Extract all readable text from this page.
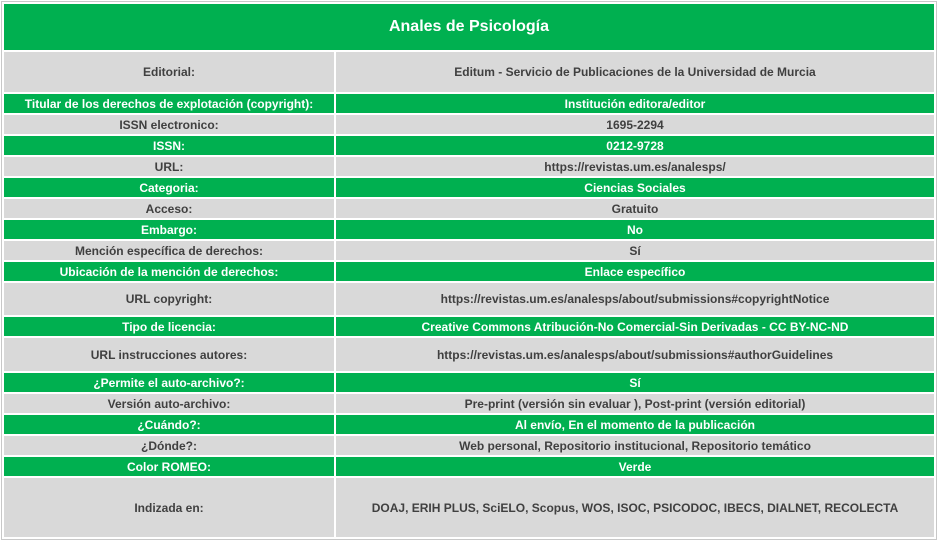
Anales de Psicología
Editorial:	Editum - Servicio de Publicaciones de la Universidad de Murcia
Titular de los derechos de explotación (copyright):	Institución editora/editor
ISSN electronico:	1695-2294
ISSN:	0212-9728
URL:	https://revistas.um.es/analesps/
Categoria:	Ciencias Sociales
Acceso:	Gratuito
Embargo:	No
Mención específica de derechos:	Sí
Ubicación de la mención de derechos:	Enlace específico
URL copyright:	https://revistas.um.es/analesps/about/submissions#copyrightNotice
Tipo de licencia:	Creative Commons Atribución-No Comercial-Sin Derivadas - CC BY-NC-ND
URL instrucciones autores:	https://revistas.um.es/analesps/about/submissions#authorGuidelines
¿Permite el auto-archivo?:	Sí
Versión auto-archivo:	Pre-print (versión sin evaluar ), Post-print (versión editorial)
¿Cuándo?:	Al envío, En el momento de la publicación
¿Dónde?:	Web personal, Repositorio institucional, Repositorio temático
Color ROMEO:	Verde
Indizada en:	DOAJ, ERIH PLUS, SciELO, Scopus, WOS, ISOC, PSICODOC, IBECS, DIALNET, RECOLECTA
